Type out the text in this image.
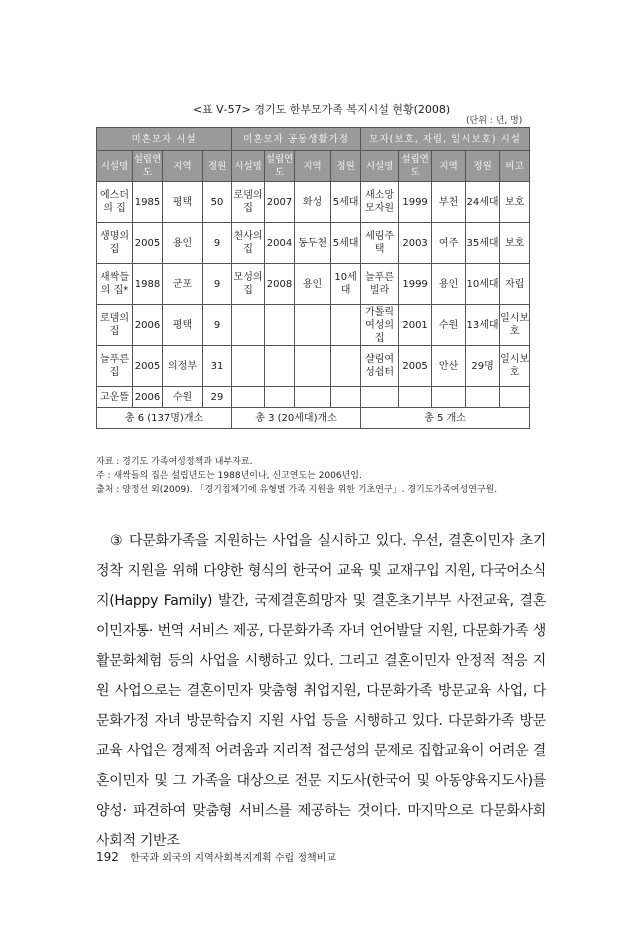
<표 Ⅴ-57> 경기도 한부모가족 복지시설 현황(2008)
(단위 : 년, 명)
미혼모자 시설				미혼모자 공동생활가정				모자(보호, 자립, 일시보호) 시설				
시설명	설립연도	지역	정원	시설명	설립연도	지역	정원	시설명	설립연도	지역	정원	비고
에스더의 집	1985	평택	50	로뎀의집	2007	화성	5세대	새소망모자원	1999	부천	24세대	보호
생명의집	2005	용인	9	천사의집	2004	동두천	5세대	세림주택	2003	여주	35세대	보호
새싹들의 집*	1988	군포	9	모성의집	2008	용인	10세대	늘푸른빌라	1999	용인	10세대	자립
로뎀의집	2006	평택	9					가톨릭여성의집	2001	수원	13세대	일시보호
늘푸른집	2005	의정부	31					샬림여성쉼터	2005	안산	29명	일시보호
고운뜰	2006	수원	29									
총 6 (137명)개소				총 3 (20세대)개소				총 5 개소				
자료 : 경기도 가족여성정책과 내부자료.
주 : 새싹들의 집은 설립년도는 1988년이나, 신고연도는 2006년임.
출처 : 양정선 외(2009). 「경기침체기에 유형별 가족 지원을 위한 기초연구」. 경기도가족여성연구원.

③ 다문화가족을 지원하는 사업을 실시하고 있다. 우선, 결혼이민자 초기정착 지원을 위해 다양한 형식의 한국어 교육 및 교재구입 지원, 다국어소식지(Happy Family) 발간, 국제결혼희망자 및 결혼초기부부 사전교육, 결혼이민자통· 번역 서비스 제공, 다문화가족 자녀 언어발달 지원, 다문화가족 생활문화체험 등의 사업을 시행하고 있다. 그리고 결혼이민자 안정적 적응 지원 사업으로는 결혼이민자 맞춤형 취업지원, 다문화가족 방문교육 사업, 다문화가정 자녀 방문학습지 지원 사업 등을 시행하고 있다. 다문화가족 방문교육 사업은 경제적 어려움과 지리적 접근성의 문제로 집합교육이 어려운 결혼이민자 및 그 가족을 대상으로 전문 지도사(한국어 및 아동양육지도사)를 양성· 파견하여 맞춤형 서비스를 제공하는 것이다. 마지막으로 다문화사회 사회적 기반조

192 한국과 외국의 지역사회복지계획 수립 정책비교
